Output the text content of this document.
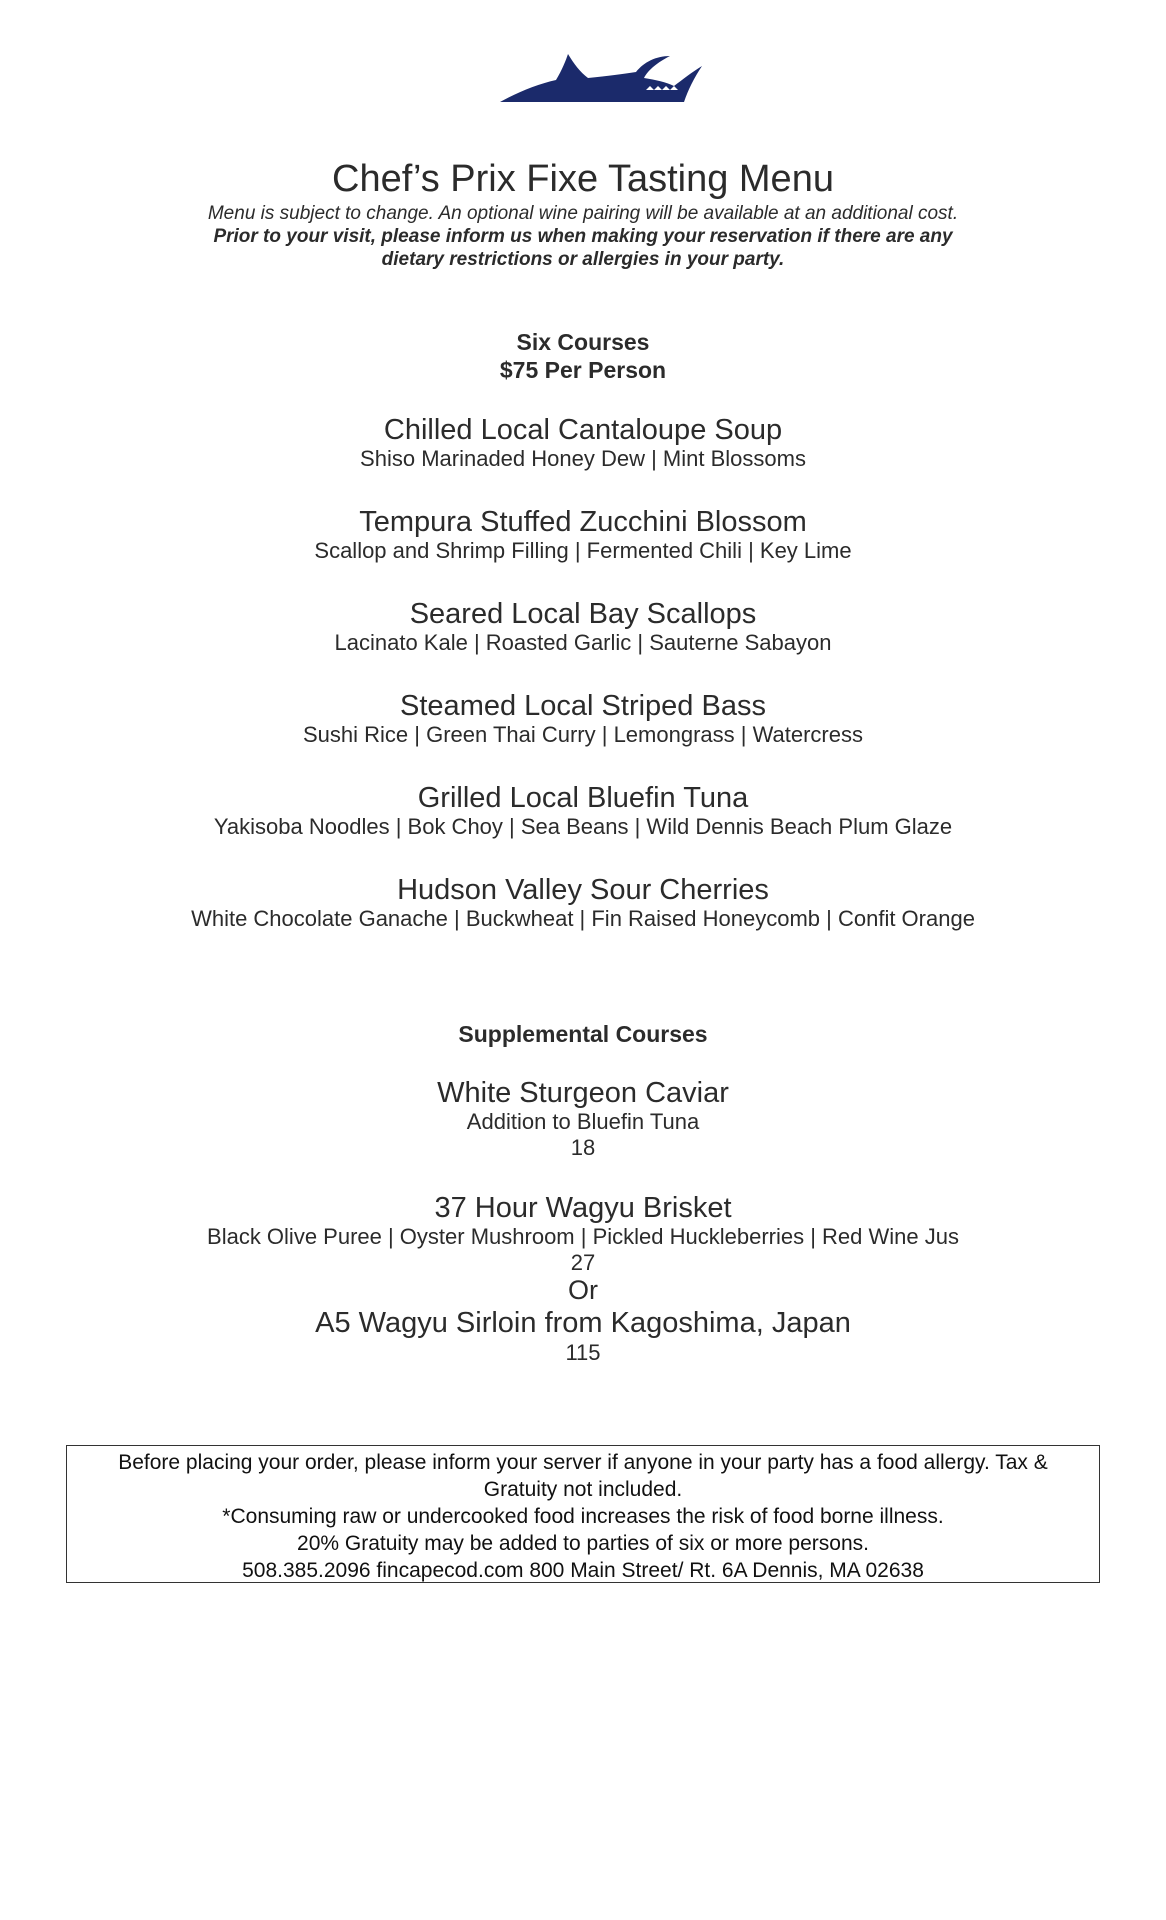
Chef’s Prix Fixe Tasting Menu
Menu is subject to change. An optional wine pairing will be available at an additional cost.
Prior to your visit, please inform us when making your reservation if there are any
dietary restrictions or allergies in your party.
Six Courses
$75 Per Person
Chilled Local Cantaloupe Soup
Shiso Marinaded Honey Dew | Mint Blossoms
Tempura Stuffed Zucchini Blossom
Scallop and Shrimp Filling | Fermented Chili | Key Lime
Seared Local Bay Scallops
Lacinato Kale | Roasted Garlic | Sauterne Sabayon
Steamed Local Striped Bass
Sushi Rice | Green Thai Curry | Lemongrass | Watercress
Grilled Local Bluefin Tuna
Yakisoba Noodles | Bok Choy | Sea Beans | Wild Dennis Beach Plum Glaze
Hudson Valley Sour Cherries
White Chocolate Ganache | Buckwheat | Fin Raised Honeycomb | Confit Orange
Supplemental Courses
White Sturgeon Caviar
Addition to Bluefin Tuna
18
37 Hour Wagyu Brisket
Black Olive Puree | Oyster Mushroom | Pickled Huckleberries | Red Wine Jus
27
Or
A5 Wagyu Sirloin from Kagoshima, Japan
115
Before placing your order, please inform your server if anyone in your party has a food allergy. Tax &
Gratuity not included.
*Consuming raw or undercooked food increases the risk of food borne illness.
20% Gratuity may be added to parties of six or more persons.
508.385.2096 fincapecod.com 800 Main Street/ Rt. 6A Dennis, MA 02638
